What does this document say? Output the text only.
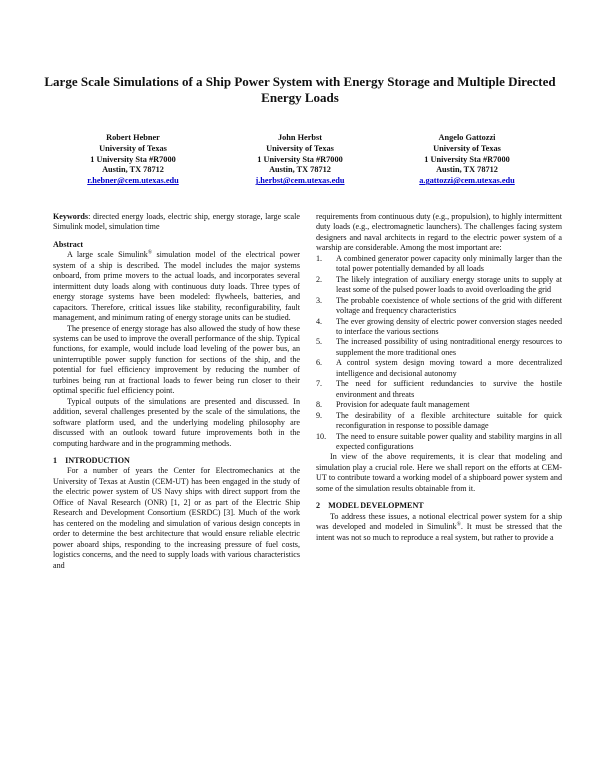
Large Scale Simulations of a Ship Power System with Energy Storage and Multiple Directed Energy Loads
Robert Hebner
University of Texas
1 University Sta #R7000
Austin, TX 78712
r.hebner@cem.utexas.edu
John Herbst
University of Texas
1 University Sta #R7000
Austin, TX 78712
j.herbst@cem.utexas.edu
Angelo Gattozzi
University of Texas
1 University Sta #R7000
Austin, TX 78712
a.gattozzi@cem.utexas.edu

Keywords: directed energy loads, electric ship, energy storage, large scale Simulink model, simulation time

Abstract

A large scale Simulink® simulation model of the electrical power system of a ship is described. The model includes the major systems onboard, from prime movers to the actual loads, and incorporates several intermittent duty loads along with continuous duty loads. Three types of energy storage systems have been modeled: flywheels, batteries, and capacitors. Therefore, critical issues like stability, reconfigurability, fault management, and minimum rating of energy storage units can be studied.

The presence of energy storage has also allowed the study of how these systems can be used to improve the overall performance of the ship. Typical functions, for example, would include load leveling of the power bus, an uninterruptible power supply function for sections of the ship, and the potential for fuel efficiency improvement by reducing the number of turbines being run at fractional loads to fewer being run closer to their optimal specific fuel efficiency point.

Typical outputs of the simulations are presented and discussed. In addition, several challenges presented by the scale of the simulations, the software platform used, and the underlying modeling philosophy are discussed with an outlook toward future improvements both in the computing hardware and in the programming methods.

1    INTRODUCTION

For a number of years the Center for Electromechanics at the University of Texas at Austin (CEM-UT) has been engaged in the study of the electric power system of US Navy ships with direct support from the Office of Naval Research (ONR) [1, 2] or as part of the Electric Ship Research and Development Consortium (ESRDC) [3]. Much of the work has centered on the modeling and simulation of various design concepts in order to determine the best architecture that would ensure reliable electric power aboard ships, responding to the increasing pressure of fuel costs, logistics concerns, and the need to supply loads with various characteristics and

requirements from continuous duty (e.g., propulsion), to highly intermittent duty loads (e.g., electromagnetic launchers). The challenges facing system designers and naval architects in regard to the electric power system of a warship are considerable. Among the most important are:

1.	A combined generator power capacity only minimally larger than the total power potentially demanded by all loads
2.	The likely integration of auxiliary energy storage units to supply at least some of the pulsed power loads to avoid overloading the grid
3.	The probable coexistence of whole sections of the grid with different voltage and frequency characteristics
4.	The ever growing density of electric power conversion stages needed to interface the various sections
5.	The increased possibility of using nontraditional energy resources to supplement the more traditional ones
6.	A control system design moving toward a more decentralized intelligence and decisional autonomy
7.	The need for sufficient redundancies to survive the hostile environment and threats
8.	Provision for adequate fault management
9.	The desirability of a flexible architecture suitable for quick reconfiguration in response to possible damage
10.	The need to ensure suitable power quality and stability margins in all expected configurations

In view of the above requirements, it is clear that modeling and simulation play a crucial role. Here we shall report on the efforts at CEM-UT to contribute toward a working model of a shipboard power system and some of the simulation results obtainable from it.

2    MODEL DEVELOPMENT

To address these issues, a notional electrical power system for a ship was developed and modeled in Simulink®. It must be stressed that the intent was not so much to reproduce a real system, but rather to provide a
